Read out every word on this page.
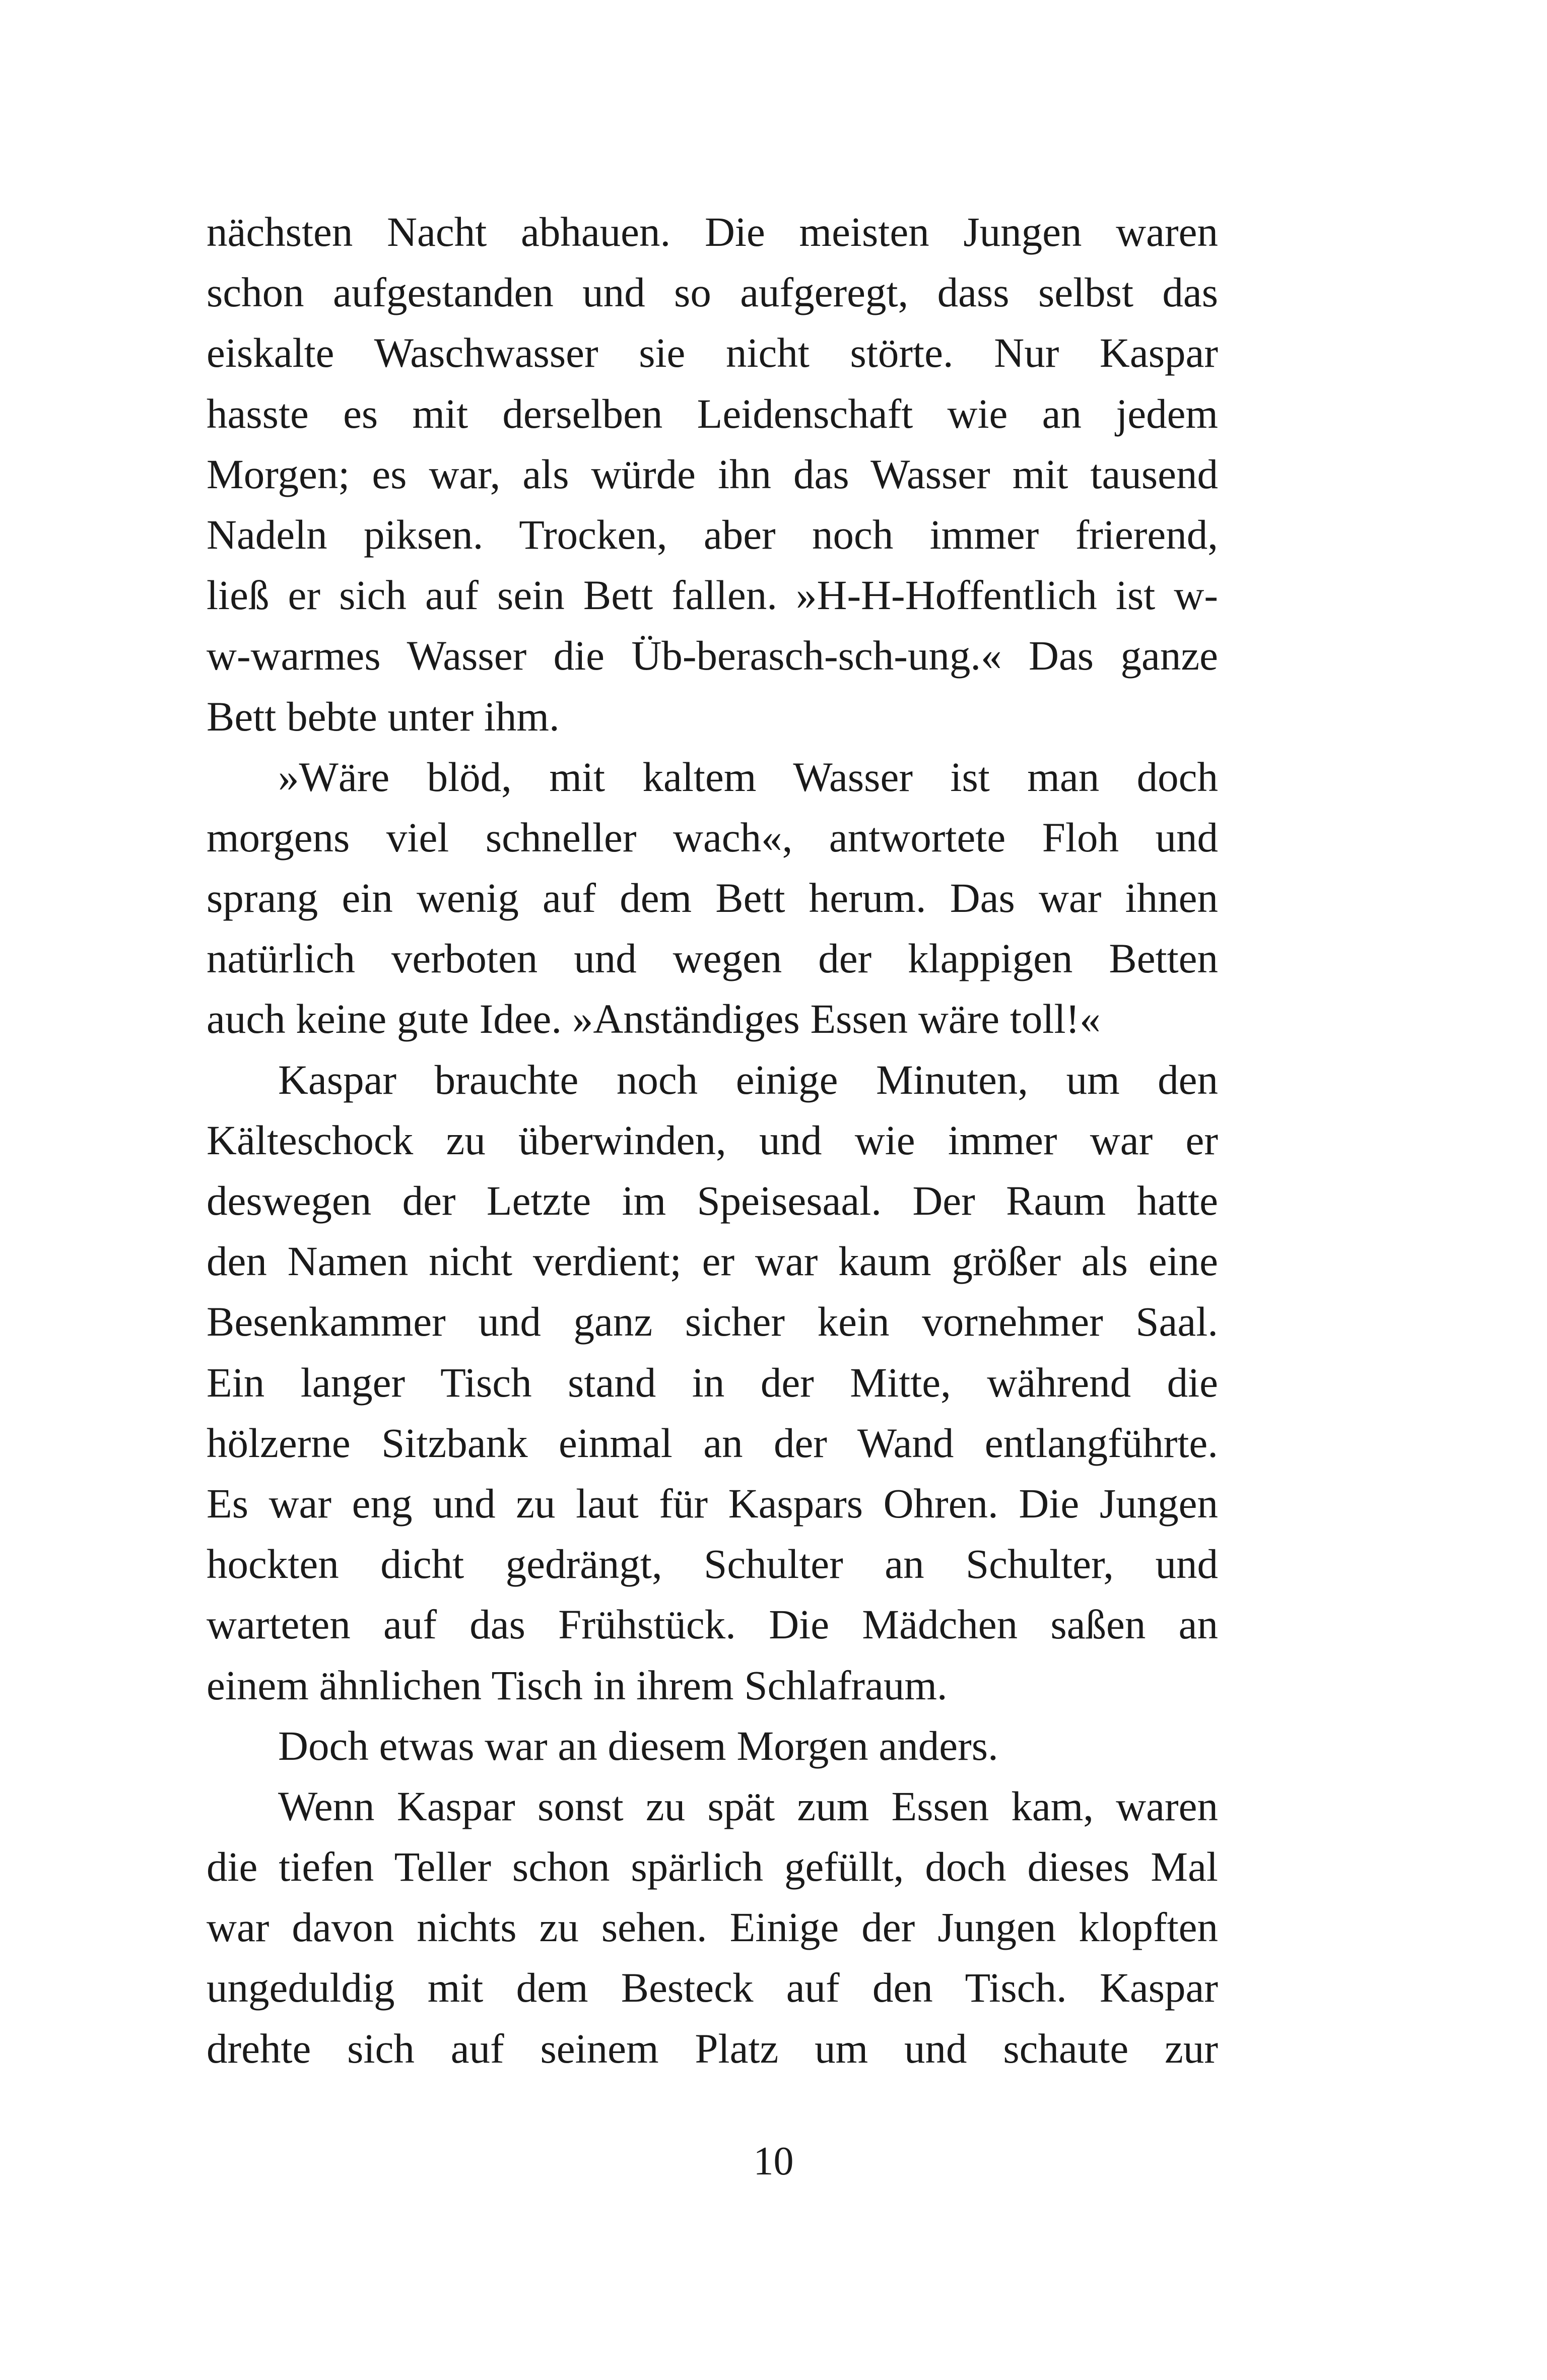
nächsten Nacht abhauen. Die meisten Jungen waren
schon aufgestanden und so aufgeregt, dass selbst das
eiskalte Waschwasser sie nicht störte. Nur Kaspar
hasste es mit derselben Leidenschaft wie an jedem
Morgen; es war, als würde ihn das Wasser mit tausend
Nadeln piksen. Trocken, aber noch immer frierend,
ließ er sich auf sein Bett fallen. »H-H-Hoffentlich ist w-
w-warmes Wasser die Üb-berasch-sch-ung.« Das ganze
Bett bebte unter ihm.
»Wäre blöd, mit kaltem Wasser ist man doch
morgens viel schneller wach«, antwortete Floh und
sprang ein wenig auf dem Bett herum. Das war ihnen
natürlich verboten und wegen der klappigen Betten
auch keine gute Idee. »Anständiges Essen wäre toll!«
Kaspar brauchte noch einige Minuten, um den
Kälteschock zu überwinden, und wie immer war er
deswegen der Letzte im Speisesaal. Der Raum hatte
den Namen nicht verdient; er war kaum größer als eine
Besenkammer und ganz sicher kein vornehmer Saal.
Ein langer Tisch stand in der Mitte, während die
hölzerne Sitzbank einmal an der Wand entlangführte.
Es war eng und zu laut für Kaspars Ohren. Die Jungen
hockten dicht gedrängt, Schulter an Schulter, und
warteten auf das Frühstück. Die Mädchen saßen an
einem ähnlichen Tisch in ihrem Schlafraum.
Doch etwas war an diesem Morgen anders.
Wenn Kaspar sonst zu spät zum Essen kam, waren
die tiefen Teller schon spärlich gefüllt, doch dieses Mal
war davon nichts zu sehen. Einige der Jungen klopften
ungeduldig mit dem Besteck auf den Tisch. Kaspar
drehte sich auf seinem Platz um und schaute zur
10
